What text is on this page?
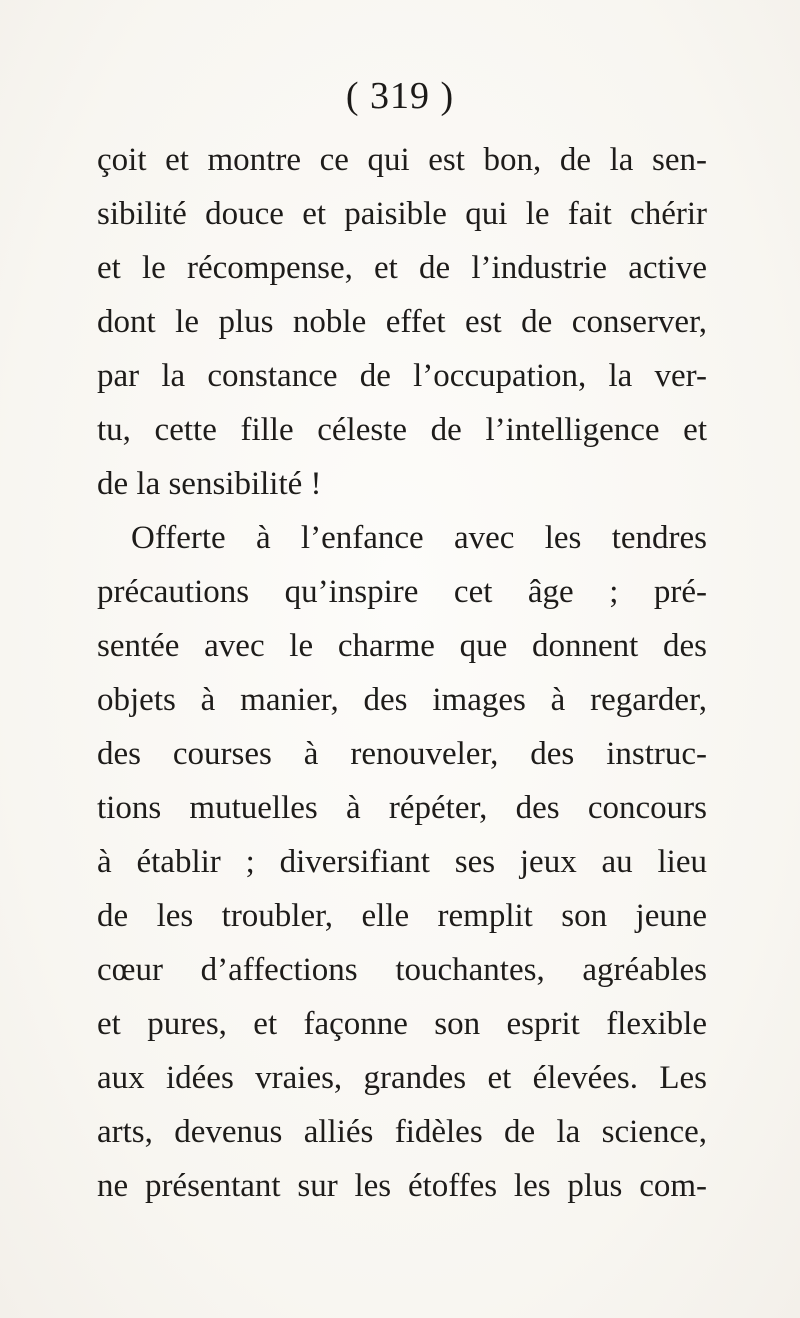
( 319 )
çoit et montre ce qui est bon, de la sen-
sibilité douce et paisible qui le fait chérir
et le récompense, et de l’industrie active
dont le plus noble effet est de conserver,
par la constance de l’occupation, la ver-
tu, cette fille céleste de l’intelligence et
de la sensibilité !
Offerte à l’enfance avec les tendres
précautions qu’inspire cet âge ; pré-
sentée avec le charme que donnent des
objets à manier, des images à regarder,
des courses à renouveler, des instruc-
tions mutuelles à répéter, des concours
à établir ; diversifiant ses jeux au lieu
de les troubler, elle remplit son jeune
cœur d’affections touchantes, agréables
et pures, et façonne son esprit flexible
aux idées vraies, grandes et élevées. Les
arts, devenus alliés fidèles de la science,
ne présentant sur les étoffes les plus com-
